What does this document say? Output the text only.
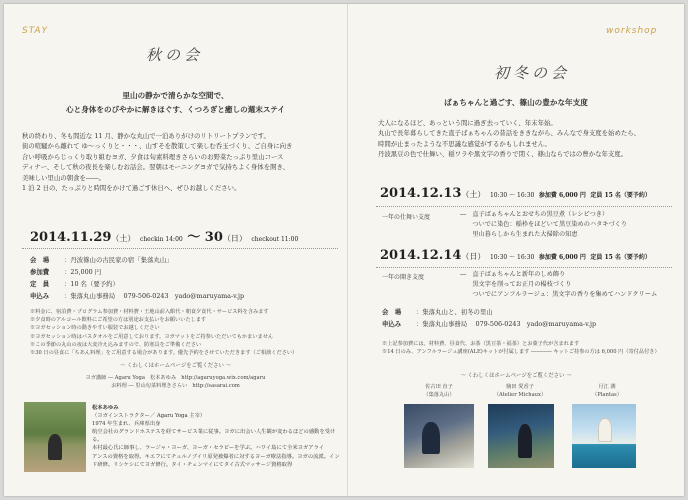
STAY
秋の会
里山の静かで清らかな空間で、
心と身体をのびやかに解きほぐす、くつろぎと癒しの週末ステイ
秋の終わり、冬も間近な 11 月、静かな丸山で一泊ありがけのリトリートプランです。
街の喧騒から離れて ゆ〜っくりと・・・、山すそを散策して楽しむ呑玉づくり、ご自身に向き
合い呼吸からじっくり取り組むヨガ、夕食は旬素料理きさらいのお野菜たっぷり里山コース
ディナー、そして秋の夜長を楽しむお話会。翌朝はモーニングヨガで気持ちよく身体を開き、
美味しい里山の朝食を――。
1 泊 2 日の、たっぷりと時間をかけて過ごす休日へ、ぜひお越しください。
2014.11.29（土） checkin 14:00 〜 30（日） checkout 11:00
会　場 ：丹波篠山の古民家の宿「集落丸山」
参加費 ：25,000 円
定　員 ：10 名（要予約）
申込み ：集落丸山事務局　 079-506-0243　yado@maruyama-v.jp
※料金に、宿泊費・プログラム参加費・材料費・王地山前入館代・朝食夕食代・サービス料を含みます
※夕食時のアルコール飲料にご希望の方は別途お支払いをお願いいたします
※ヨガセッション時の動きやすい服装でお越しください
※ヨガセッション時はバスタオルをご用意しております。ヨガマットをご持参いただいてもかまいません
※この季節の丸山の夜は大変冷え込みますので、防寒具をご準備ください
※30 日の昼食に「ちあん料理」をご用意する場合があります。優先予約をさせていただきます（ご相談ください）
〜 くわしくはホームページをご覧ください 〜
ヨガ講師 ― Agaru Yoga　松本あゆみ　http://agaruyoga.wix.com/agaru
お料理 ― 里山旬菜料理きさらい　http://sasarai.com
松本あゆみ
（ヨガインストラクター／ Agaru Yoga 主宰）
1974 年生まれ、兵庫県出身
航空会社のグランドホステスを経てサービス業に従事。ヨガに出会い人生観が変わるほどの感動を受ける。
本村最心氏に師事し、ラージャ・ヨーガ、ヨーガ・セラピーを学ぶ。ハワイ島にて全米ヨガアライ
アンスの資格を取得。キエフにてチュルノブイリ原発被爆者に対するヨーガ療法指導。ヨガの流派。イン
ド研修。リシケシにてヨガ修行。タイ・チェンマイにてタイ古式マッサージ資格取得
workshop
初冬の会
ばぁちゃんと過ごす、篠山の豊かな年支度
大人になるほど、あっという間に過ぎ去っていく、年末年始。
丸山で長年暮らしてきた直子ばぁちゃんの昔話をききながら、みんなで身支度を始めたら、
時間が止まったような不思議な感覚がするかもしれません。
丹波黒豆の色で仕舞い、稲ワラや黒文字の香りで閉く、篠山ならではの豊かな年支度。
2014.12.13（土） 10:30 〜 16:30 参加費 6,000 円 定員 15 名（要予約）
一年の仕舞い支度	―　直子ばぁちゃんとおせちの黒豆煮（レシピつき）
　　ついでに染色：稲枠をほどいて黒豆染めのハタキづくり
　　里山暮らしから生まれた大掃除の知恵
2014.12.14（日） 10:30 〜 16:30 参加費 6,000 円 定員 15 名（要予約）
一年の開き支度	―　直子ばぁちゃんと新年のしめ飾り
　　黒文字を削ってお正月の楊枝づくり
　　ついでにアンフルラージュ：黒文字の香りを集めてハンドクリーム
会　場 ：集落丸山と、初冬の里山
申込み ：集落丸山事務局　 079-506-0243　yado@maruyama-v.jp
※上記参加費には、材料費、昼食代、お茶（黒豆茶・福茶）とお菓子代が含まれます
※14 日のみ、アンフルラージュ講座(ALE)キットが付属します ―――― キットご持参の方は 6,000 円（寄付品付き）
〜 くわしくはホームページをご覧ください 〜
佐古田 直子
（集落丸山）
駒田 愛香子
（Atelier Michaux）
月江 潤
（Plantas）
